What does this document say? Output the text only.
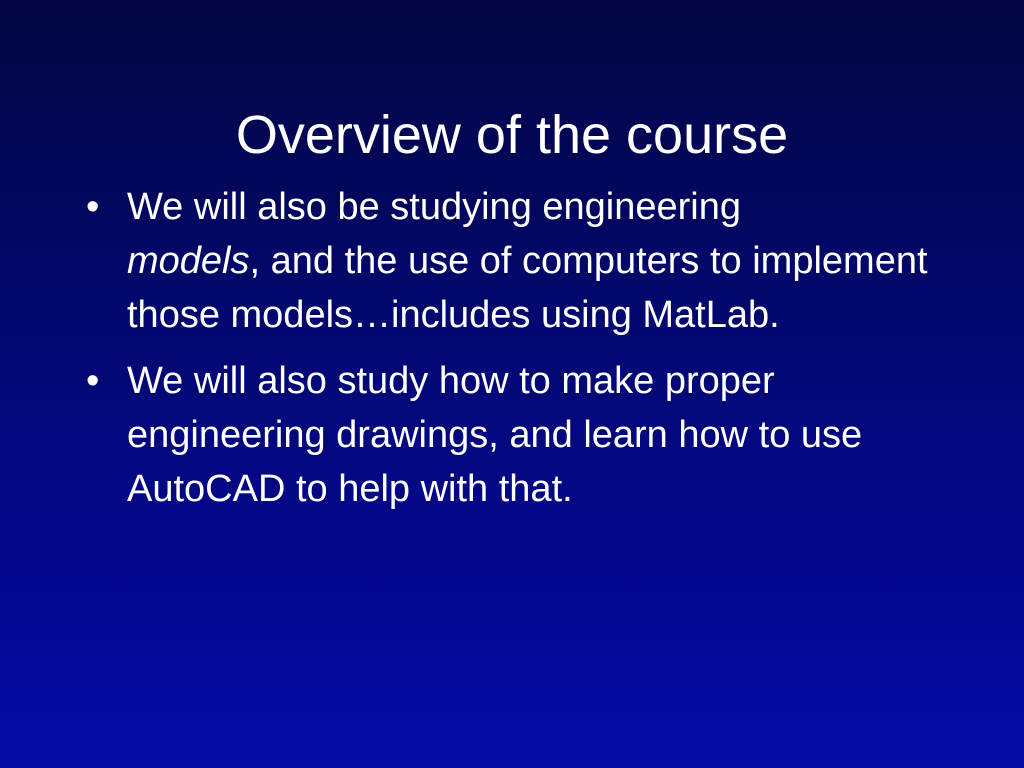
Overview of the course
• We will also be studying engineering
models, and the use of computers to implement those models…includes using MatLab.
• We will also study how to make proper engineering drawings, and learn how to use AutoCAD to help with that.
